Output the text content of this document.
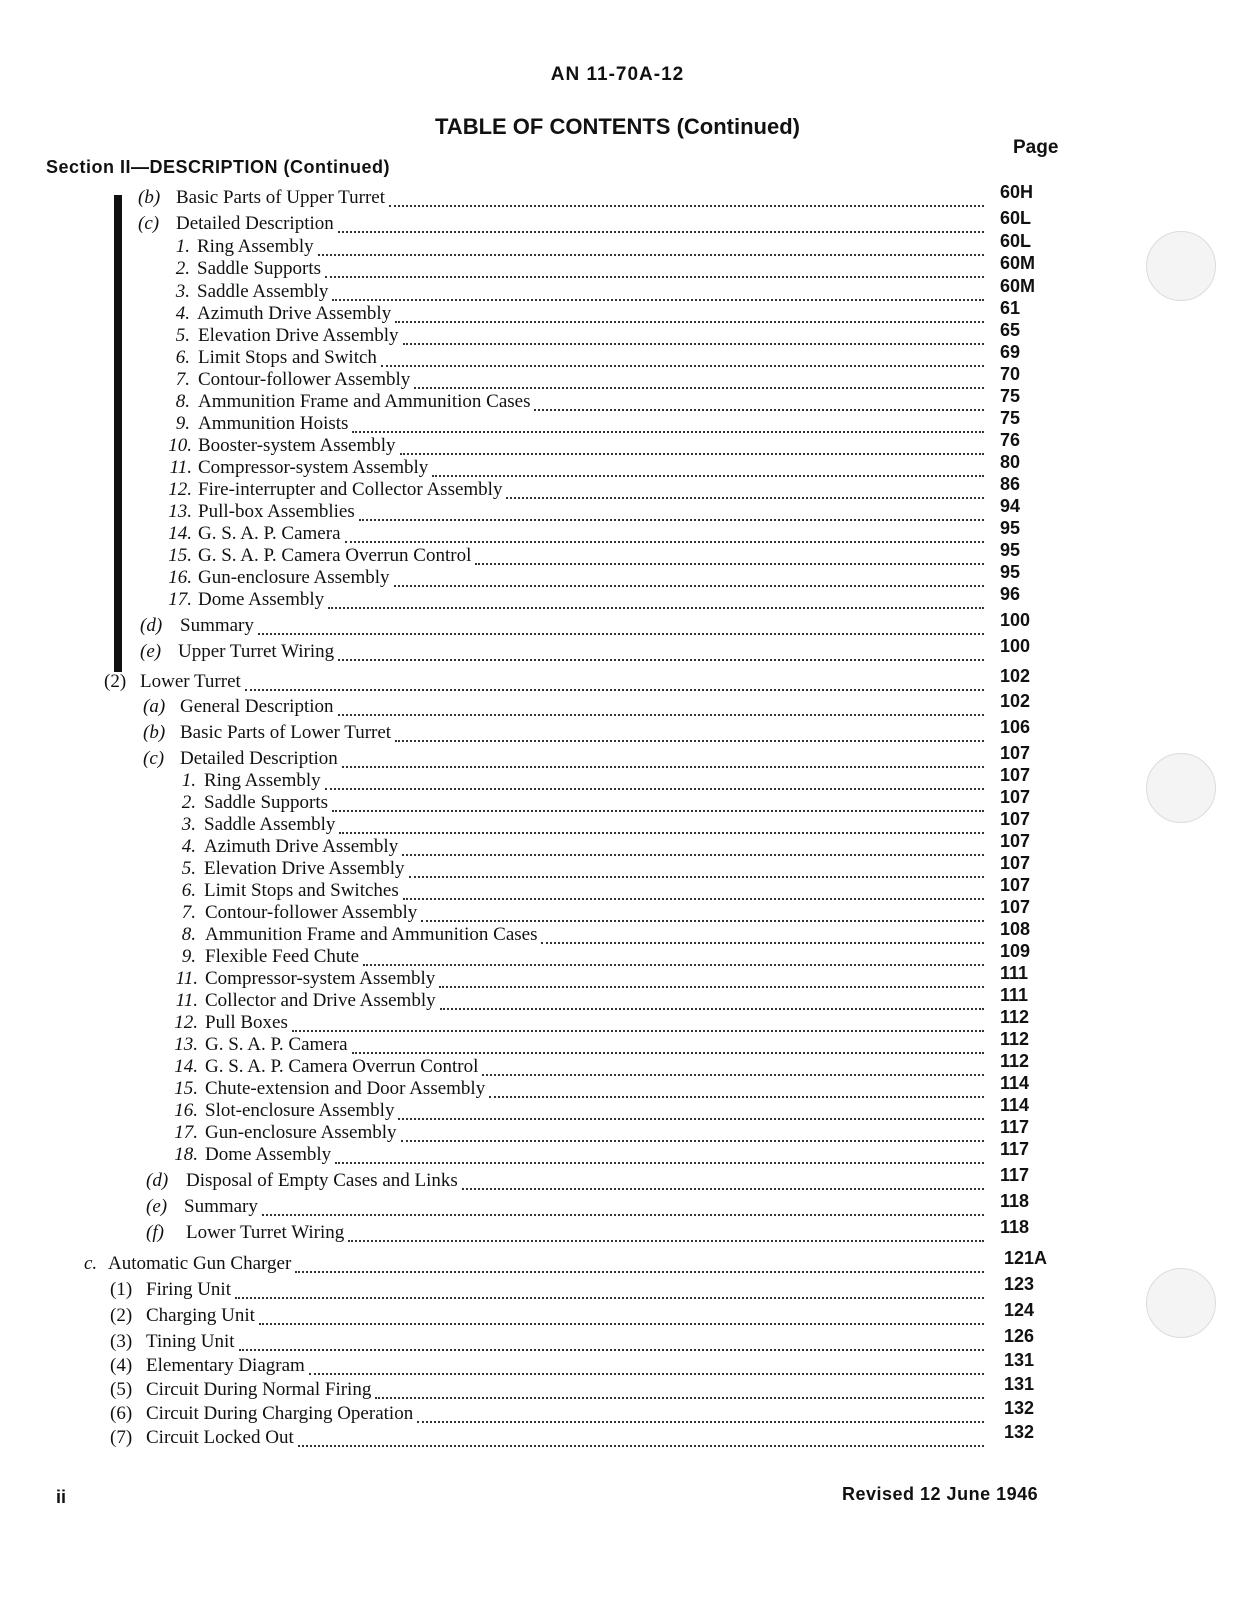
AN 11-70A-12
TABLE OF CONTENTS (Continued)
Page
Section II—DESCRIPTION (Continued)
(b) Basic Parts of Upper Turret	60H
(c) Detailed Description	60L
1. Ring Assembly	60L
2. Saddle Supports	60M
3. Saddle Assembly	60M
4. Azimuth Drive Assembly	61
5. Elevation Drive Assembly	65
6. Limit Stops and Switch	69
7. Contour-follower Assembly	70
8. Ammunition Frame and Ammunition Cases	75
9. Ammunition Hoists	75
10. Booster-system Assembly	76
11. Compressor-system Assembly	80
12. Fire-interrupter and Collector Assembly	86
13. Pull-box Assemblies	94
14. G. S. A. P. Camera	95
15. G. S. A. P. Camera Overrun Control	95
16. Gun-enclosure Assembly	95
17. Dome Assembly	96
(d) Summary	100
(e) Upper Turret Wiring	100
(2) Lower Turret	102
(a) General Description	102
(b) Basic Parts of Lower Turret	106
(c) Detailed Description	107
1. Ring Assembly	107
2. Saddle Supports	107
3. Saddle Assembly	107
4. Azimuth Drive Assembly	107
5. Elevation Drive Assembly	107
6. Limit Stops and Switches	107
7. Contour-follower Assembly	107
8. Ammunition Frame and Ammunition Cases	108
9. Flexible Feed Chute	109
11. Compressor-system Assembly	111
11. Collector and Drive Assembly	111
12. Pull Boxes	112
13. G. S. A. P. Camera	112
14. G. S. A. P. Camera Overrun Control	112
15. Chute-extension and Door Assembly	114
16. Slot-enclosure Assembly	114
17. Gun-enclosure Assembly	117
18. Dome Assembly	117
(d) Disposal of Empty Cases and Links	117
(e) Summary	118
(f) Lower Turret Wiring	118
c. Automatic Gun Charger	121A
(1) Firing Unit	123
(2) Charging Unit	124
(3) Tining Unit	126
(4) Elementary Diagram	131
(5) Circuit During Normal Firing	131
(6) Circuit During Charging Operation	132
(7) Circuit Locked Out	132
ii	Revised 12 June 1946
